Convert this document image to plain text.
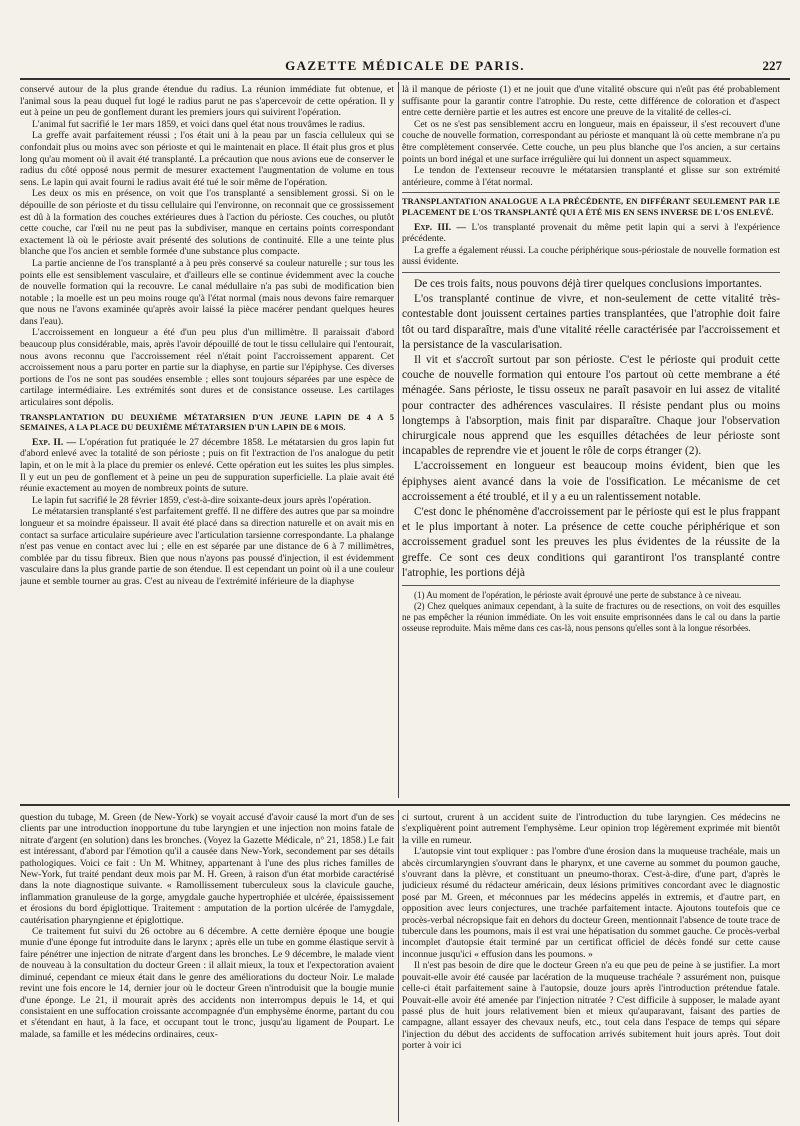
GAZETTE MÉDICALE DE PARIS.	227

conservé autour de la plus grande étendue du radius. La réunion immédiate fut obtenue, et l'animal sous la peau duquel fut logé le radius parut ne pas s'apercevoir de cette opération. Il y eut à peine un peu de gonflement durant les premiers jours qui suivirent l'opération.

L'animal fut sacrifié le 1er mars 1859, et voici dans quel état nous trouvâmes le radius.

La greffe avait parfaitement réussi ; l'os était uni à la peau par un fascia celluleux qui se confondait plus ou moins avec son périoste et qui le maintenait en place. Il était plus gros et plus long qu'au moment où il avait été transplanté. La précaution que nous avions eue de conserver le radius du côté opposé nous permit de mesurer exactement l'augmentation de volume en tous sens. Le lapin qui avait fourni le radius avait été tué le soir même de l'opération.

Les deux os mis en présence, on voit que l'os transplanté a sensiblement grossi. Si on le dépouille de son périoste et du tissu cellulaire qui l'environne, on reconnait que ce grossissement est dû à la formation des couches extérieures dues à l'action du périoste. Ces couches, ou plutôt cette couche, car l'œil nu ne peut pas la subdiviser, manque en certains points correspondant exactement là où le périoste avait présenté des solutions de continuité. Elle a une teinte plus blanche que l'os ancien et semble formée d'une substance plus compacte.

La partie ancienne de l'os transplanté a à peu près conservé sa couleur naturelle ; sur tous les points elle est sensiblement vasculaire, et d'ailleurs elle se continue évidemment avec la couche de nouvelle formation qui la recouvre. Le canal médullaire n'a pas subi de modification bien notable ; la moelle est un peu moins rouge qu'à l'état normal (mais nous devons faire remarquer que nous ne l'avons examinée qu'après avoir laissé la pièce macérer pendant quelques heures dans l'eau).

L'accroissement en longueur a été d'un peu plus d'un millimètre. Il paraissait d'abord beaucoup plus considérable, mais, après l'avoir dépouillé de tout le tissu cellulaire qui l'entourait, nous avons reconnu que l'accroissement réel n'était point l'accroissement apparent. Cet accroissement nous a paru porter en partie sur la diaphyse, en partie sur l'épiphyse. Ces diverses portions de l'os ne sont pas soudées ensemble ; elles sont toujours séparées par une espèce de cartilage intermédiaire. Les extrémités sont dures et de consistance osseuse. Les cartilages articulaires sont dépolis.

TRANSPLANTATION DU DEUXIÈME MÉTATARSIEN D'UN JEUNE LAPIN DE 4 A 5 SEMAINES, A LA PLACE DU DEUXIÈME MÉTATARSIEN D'UN LAPIN DE 6 MOIS.

Exp. II. — L'opération fut pratiquée le 27 décembre 1858. Le métatarsien du gros lapin fut d'abord enlevé avec la totalité de son périoste ; puis on fit l'extraction de l'os analogue du petit lapin, et on le mit à la place du premier os enlevé. Cette opération eut les suites les plus simples. Il y eut un peu de gonflement et à peine un peu de suppuration superficielle. La plaie avait été réunie exactement au moyen de nombreux points de suture.

Le lapin fut sacrifié le 28 février 1859, c'est-à-dire soixante-deux jours après l'opération.

Le métatarsien transplanté s'est parfaitement greffé. Il ne diffère des autres que par sa moindre longueur et sa moindre épaisseur. Il avait été placé dans sa direction naturelle et on avait mis en contact sa surface articulaire supérieure avec l'articulation tarsienne correspondante. La phalange n'est pas venue en contact avec lui ; elle en est séparée par une distance de 6 à 7 millimètres, comblée par du tissu fibreux. Bien que nous n'ayons pas poussé d'injection, il est évidemment vasculaire dans la plus grande partie de son étendue. Il est cependant un point où il a une couleur jaune et semble tourner au gras. C'est au niveau de l'extrémité inférieure de la diaphyse

là il manque de périoste (1) et ne jouit que d'une vitalité obscure qui n'eût pas été probablement suffisante pour la garantir contre l'atrophie. Du reste, cette différence de coloration et d'aspect entre cette dernière partie et les autres est encore une preuve de la vitalité de celles-ci.

Cet os ne s'est pas sensiblement accru en longueur, mais en épaisseur, il s'est recouvert d'une couche de nouvelle formation, correspondant au périoste et manquant là où cette membrane n'a pu être complètement conservée. Cette couche, un peu plus blanche que l'os ancien, a sur certains points un bord inégal et une surface irrégulière qui lui donnent un aspect squammeux.

Le tendon de l'extenseur recouvre le métatarsien transplanté et glisse sur son extrémité antérieure, comme à l'état normal.

TRANSPLANTATION ANALOGUE A LA PRÉCÉDENTE, EN DIFFÉRANT SEULEMENT PAR LE PLACEMENT DE L'OS TRANSPLANTÉ QUI A ÉTÉ MIS EN SENS INVERSE DE L'OS ENLEVÉ.

Exp. III. — L'os transplanté provenait du même petit lapin qui a servi à l'expérience précédente.

La greffe a également réussi. La couche périphérique sous-périostale de nouvelle formation est aussi évidente.

De ces trois faits, nous pouvons déjà tirer quelques conclusions importantes.

L'os transplanté continue de vivre, et non-seulement de cette vitalité très-contestable dont jouissent certaines parties transplantées, que l'atrophie doit faire tôt ou tard disparaître, mais d'une vitalité réelle caractérisée par l'accroissement et la persistance de la vascularisation.

Il vit et s'accroît surtout par son périoste. C'est le périoste qui produit cette couche de nouvelle formation qui entoure l'os partout où cette membrane a été ménagée. Sans périoste, le tissu osseux ne paraît pasavoir en lui assez de vitalité pour contracter des adhérences vasculaires. Il résiste pendant plus ou moins longtemps à l'absorption, mais finit par disparaître. Chaque jour l'observation chirurgicale nous apprend que les esquilles détachées de leur périoste sont incapables de reprendre vie et jouent le rôle de corps étranger (2).

L'accroissement en longueur est beaucoup moins évident, bien que les épiphyses aient avancé dans la voie de l'ossification. Le mécanisme de cet accroissement a été troublé, et il y a eu un ralentissement notable.

C'est donc le phénomène d'accroissement par le périoste qui est le plus frappant et le plus important à noter. La présence de cette couche périphérique et son accroissement graduel sont les preuves les plus évidentes de la réussite de la greffe. Ce sont ces deux conditions qui garantiront l'os transplanté contre l'atrophie, les portions déjà

(1) Au moment de l'opération, le périoste avait éprouvé une perte de substance à ce niveau.

(2) Chez quelques animaux cependant, à la suite de fractures ou de resections, on voit des esquilles ne pas empêcher la réunion immédiate. On les voit ensuite emprisonnées dans le cal ou dans la partie osseuse reproduite. Mais même dans ces cas-là, nous pensons qu'elles sont à la longue résorbées.

question du tubage, M. Green (de New-York) se voyait accusé d'avoir causé la mort d'un de ses clients par une introduction inopportune du tube laryngien et une injection non moins fatale de nitrate d'argent (en solution) dans les bronches. (Voyez la Gazette Médicale, n° 21, 1858.) Le fait est intéressant, d'abord par l'émotion qu'il a causée dans New-York, secondement par ses détails pathologiques. Voici ce fait : Un M. Whitney, appartenant à l'une des plus riches familles de New-York, fut traité pendant deux mois par M. H. Green, à raison d'un état morbide caractérisé dans la note diagnostique suivante. « Ramollissement tuberculeux sous la clavicule gauche, inflammation granuleuse de la gorge, amygdale gauche hypertrophiée et ulcérée, épaississement et érosions du bord épiglottique. Traitement : amputation de la portion ulcérée de l'amygdale, cautérisation pharyngienne et épiglottique.

Ce traitement fut suivi du 26 octobre au 6 décembre. A cette dernière époque une bougie munie d'une éponge fut introduite dans le larynx ; après elle un tube en gomme élastique servit à faire pénétrer une injection de nitrate d'argent dans les bronches. Le 9 décembre, le malade vient de nouveau à la consultation du docteur Green : il allait mieux, la toux et l'expectoration avaient diminué, cependant ce mieux était dans le genre des améliorations du docteur Noir. Le malade revint une fois encore le 14, dernier jour où le docteur Green n'introduisit que la bougie munie d'une éponge. Le 21, il mourait après des accidents non interrompus depuis le 14, et qui consistaient en une suffocation croissante accompagnée d'un emphysème énorme, partant du cou et s'étendant en haut, à la face, et occupant tout le tronc, jusqu'au ligament de Poupart. Le malade, sa famille et les médecins ordinaires, ceux-

ci surtout, crurent à un accident suite de l'introduction du tube laryngien. Ces médecins ne s'expliquèrent point autrement l'emphysème. Leur opinion trop légèrement exprimée mit bientôt la ville en rumeur.

L'autopsie vint tout expliquer : pas l'ombre d'une érosion dans la muqueuse trachéale, mais un abcès circumlaryngien s'ouvrant dans le pharynx, et une caverne au sommet du poumon gauche, s'ouvrant dans la plèvre, et constituant un pneumo-thorax. C'est-à-dire, d'une part, d'après le judicieux résumé du rédacteur américain, deux lésions primitives concordant avec le diagnostic posé par M. Green, et méconnues par les médecins appelés in extremis, et d'autre part, en opposition avec leurs conjectures, une trachée parfaitement intacte. Ajoutons toutefois que ce procès-verbal nécropsique fait en dehors du docteur Green, mentionnait l'absence de toute trace de tubercule dans les poumons, mais il est vrai une hépatisation du sommet gauche. Ce procès-verbal incomplet d'autopsie était terminé par un certificat officiel de décès fondé sur cette cause inconnue jusqu'ici « effusion dans les poumons. »

Il n'est pas besoin de dire que le docteur Green n'a eu que peu de peine à se justifier. La mort pouvait-elle avoir été causée par lacération de la muqueuse trachéale ? assurément non, puisque celle-ci était parfaitement saine à l'autopsie, douze jours après l'introduction prétendue fatale. Pouvait-elle avoir été amenée par l'injection nitratée ? C'est difficile à supposer, le malade ayant passé plus de huit jours relativement bien et mieux qu'auparavant, faisant des parties de campagne, allant essayer des chevaux neufs, etc., tout cela dans l'espace de temps qui sépare l'injection du début des accidents de suffocation arrivés subitement huit jours après. Tout doit porter à voir ici
